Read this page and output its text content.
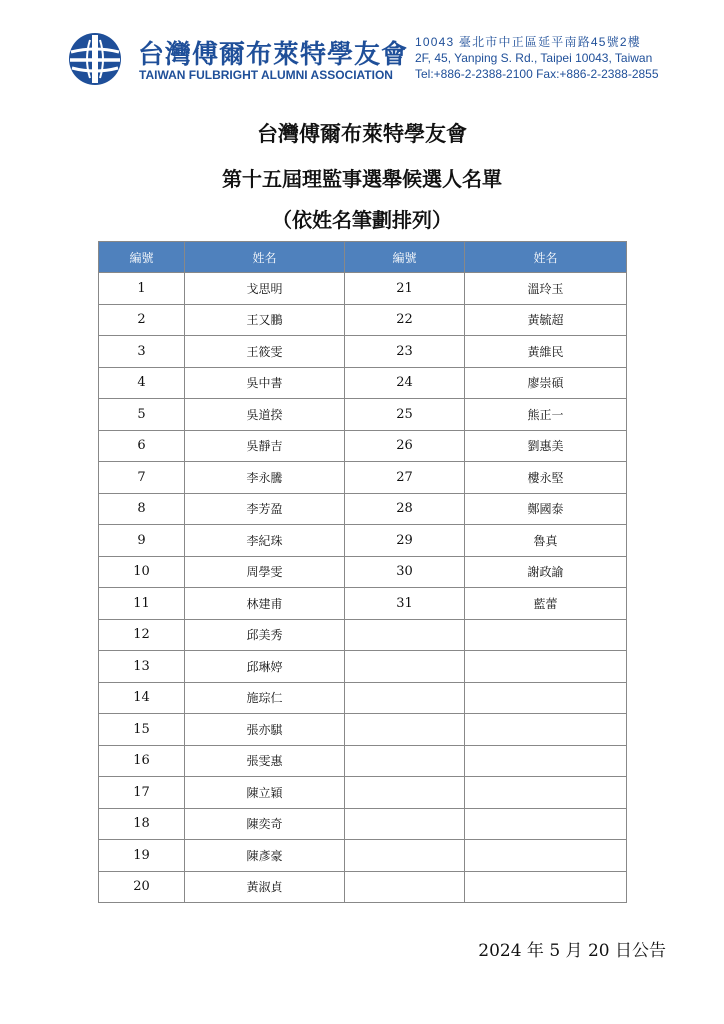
台灣傅爾布萊特學友會
TAIWAN FULBRIGHT ALUMNI ASSOCIATION
10043 臺北市中正區延平南路45號2樓
2F, 45, Yanping S. Rd., Taipei 10043, Taiwan
Tel:+886-2-2388-2100 Fax:+886-2-2388-2855
台灣傅爾布萊特學友會
第十五屆理監事選舉候選人名單
（依姓名筆劃排列）
編號	姓名	編號	姓名
1	戈思明	21	溫玲玉
2	王又鵬	22	黃毓超
3	王筱雯	23	黃維民
4	吳中書	24	廖崇碩
5	吳道揆	25	熊正一
6	吳靜吉	26	劉惠美
7	李永騰	27	樓永堅
8	李芳盈	28	鄭國泰
9	李紀珠	29	魯真
10	周學雯	30	謝政諭
11	林建甫	31	藍蕾
12	邱美秀		
13	邱琳婷		
14	施琮仁		
15	張亦騏		
16	張雯惠		
17	陳立穎		
18	陳奕奇		
19	陳彥豪		
20	黃淑貞		
2024 年 5 月 20 日公告
